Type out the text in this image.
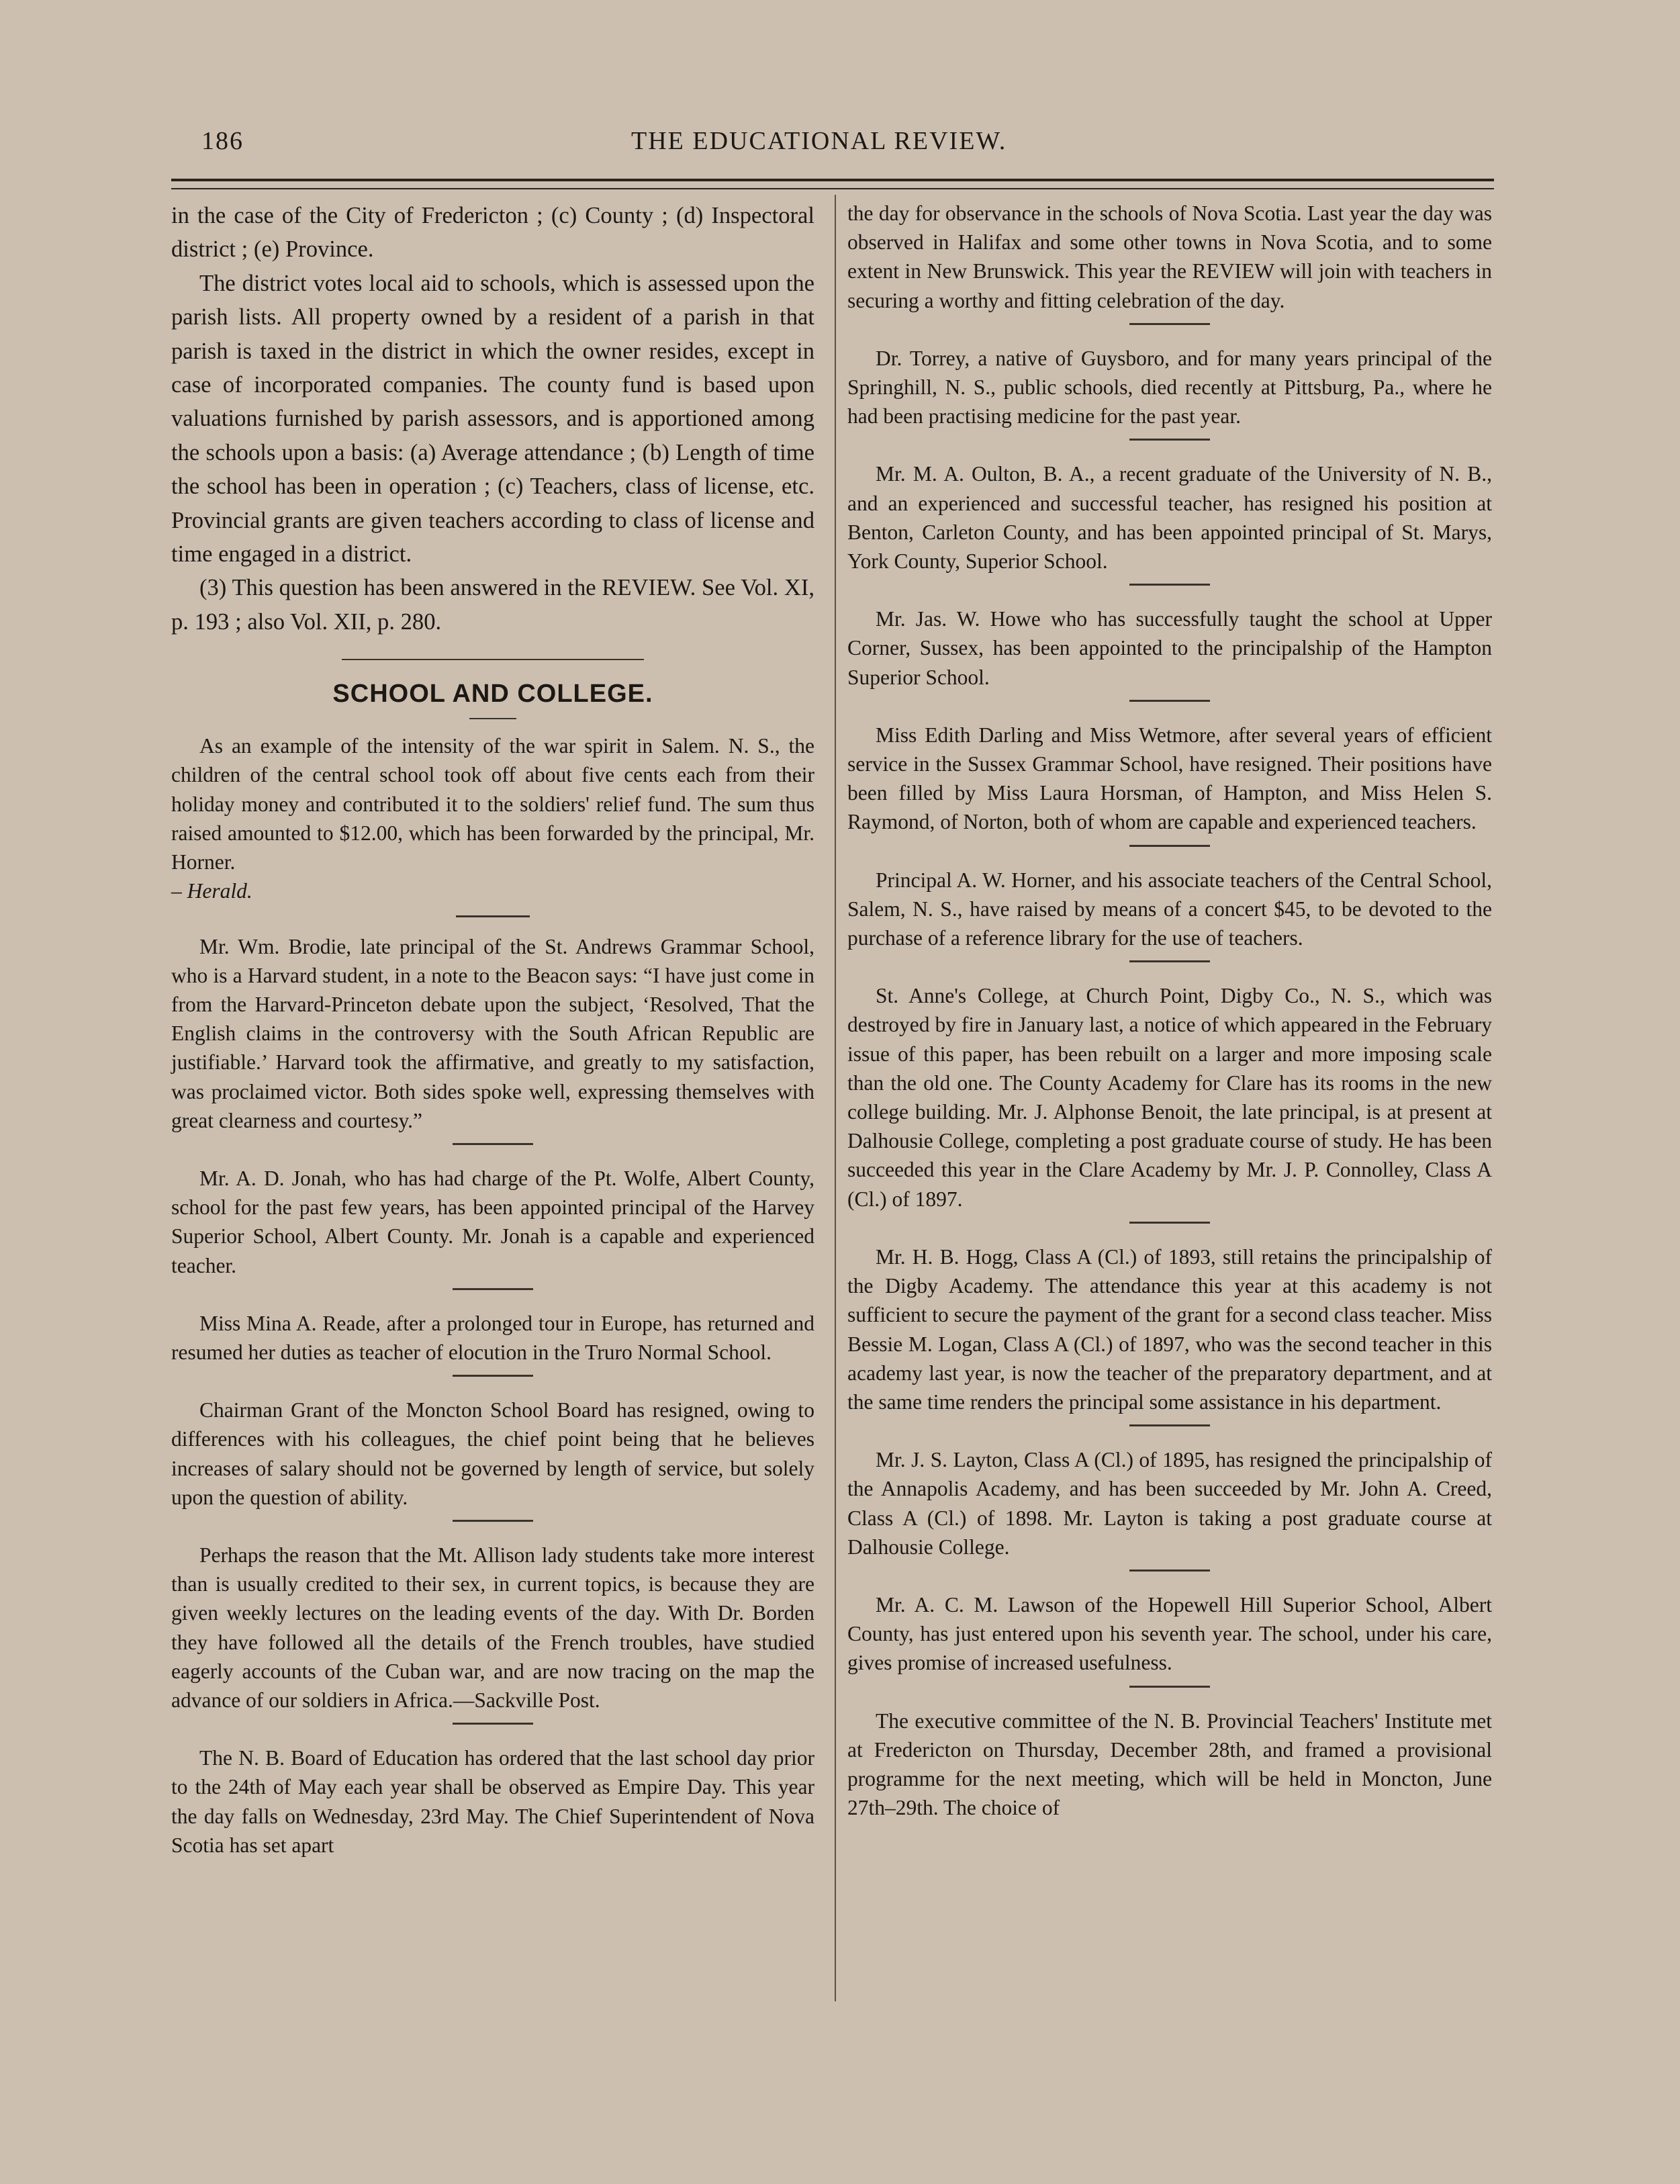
186	THE EDUCATIONAL REVIEW.

in the case of the City of Fredericton ; (c) County ; (d) Inspectoral district ; (e) Province.

The district votes local aid to schools, which is assessed upon the parish lists. All property owned by a resident of a parish in that parish is taxed in the district in which the owner resides, except in case of incorporated companies. The county fund is based upon valuations furnished by parish assessors, and is apportioned among the schools upon a basis: (a) Average attendance ; (b) Length of time the school has been in operation ; (c) Teachers, class of license, etc. Provincial grants are given teachers according to class of license and time engaged in a district.

(3) This question has been answered in the REVIEW. See Vol. XI, p. 193 ; also Vol. XII, p. 280.

SCHOOL AND COLLEGE.

As an example of the intensity of the war spirit in Salem. N. S., the children of the central school took off about five cents each from their holiday money and contributed it to the soldiers' relief fund. The sum thus raised amounted to $12.00, which has been forwarded by the principal, Mr. Horner.

– Herald.

Mr. Wm. Brodie, late principal of the St. Andrews Grammar School, who is a Harvard student, in a note to the Beacon says: “I have just come in from the Harvard-Princeton debate upon the subject, ‘Resolved, That the English claims in the controversy with the South African Republic are justifiable.’ Harvard took the affirmative, and greatly to my satisfaction, was proclaimed victor. Both sides spoke well, expressing themselves with great clearness and courtesy.”

Mr. A. D. Jonah, who has had charge of the Pt. Wolfe, Albert County, school for the past few years, has been appointed principal of the Harvey Superior School, Albert County. Mr. Jonah is a capable and experienced teacher.

Miss Mina A. Reade, after a prolonged tour in Europe, has returned and resumed her duties as teacher of elocution in the Truro Normal School.

Chairman Grant of the Moncton School Board has resigned, owing to differences with his colleagues, the chief point being that he believes increases of salary should not be governed by length of service, but solely upon the question of ability.

Perhaps the reason that the Mt. Allison lady students take more interest than is usually credited to their sex, in current topics, is because they are given weekly lectures on the leading events of the day. With Dr. Borden they have followed all the details of the French troubles, have studied eagerly accounts of the Cuban war, and are now tracing on the map the advance of our soldiers in Africa.—Sackville Post.

The N. B. Board of Education has ordered that the last school day prior to the 24th of May each year shall be observed as Empire Day. This year the day falls on Wednesday, 23rd May. The Chief Superintendent of Nova Scotia has set apart

the day for observance in the schools of Nova Scotia. Last year the day was observed in Halifax and some other towns in Nova Scotia, and to some extent in New Brunswick. This year the REVIEW will join with teachers in securing a worthy and fitting celebration of the day.

Dr. Torrey, a native of Guysboro, and for many years principal of the Springhill, N. S., public schools, died recently at Pittsburg, Pa., where he had been practising medicine for the past year.

Mr. M. A. Oulton, B. A., a recent graduate of the University of N. B., and an experienced and successful teacher, has resigned his position at Benton, Carleton County, and has been appointed principal of St. Marys, York County, Superior School.

Mr. Jas. W. Howe who has successfully taught the school at Upper Corner, Sussex, has been appointed to the principalship of the Hampton Superior School.

Miss Edith Darling and Miss Wetmore, after several years of efficient service in the Sussex Grammar School, have resigned. Their positions have been filled by Miss Laura Horsman, of Hampton, and Miss Helen S. Raymond, of Norton, both of whom are capable and experienced teachers.

Principal A. W. Horner, and his associate teachers of the Central School, Salem, N. S., have raised by means of a concert $45, to be devoted to the purchase of a reference library for the use of teachers.

St. Anne's College, at Church Point, Digby Co., N. S., which was destroyed by fire in January last, a notice of which appeared in the February issue of this paper, has been rebuilt on a larger and more imposing scale than the old one. The County Academy for Clare has its rooms in the new college building. Mr. J. Alphonse Benoit, the late principal, is at present at Dalhousie College, completing a post graduate course of study. He has been succeeded this year in the Clare Academy by Mr. J. P. Connolley, Class A (Cl.) of 1897.

Mr. H. B. Hogg, Class A (Cl.) of 1893, still retains the principalship of the Digby Academy. The attendance this year at this academy is not sufficient to secure the payment of the grant for a second class teacher. Miss Bessie M. Logan, Class A (Cl.) of 1897, who was the second teacher in this academy last year, is now the teacher of the preparatory department, and at the same time renders the principal some assistance in his department.

Mr. J. S. Layton, Class A (Cl.) of 1895, has resigned the principalship of the Annapolis Academy, and has been succeeded by Mr. John A. Creed, Class A (Cl.) of 1898. Mr. Layton is taking a post graduate course at Dalhousie College.

Mr. A. C. M. Lawson of the Hopewell Hill Superior School, Albert County, has just entered upon his seventh year. The school, under his care, gives promise of increased usefulness.

The executive committee of the N. B. Provincial Teachers' Institute met at Fredericton on Thursday, December 28th, and framed a provisional programme for the next meeting, which will be held in Moncton, June 27th–29th. The choice of
